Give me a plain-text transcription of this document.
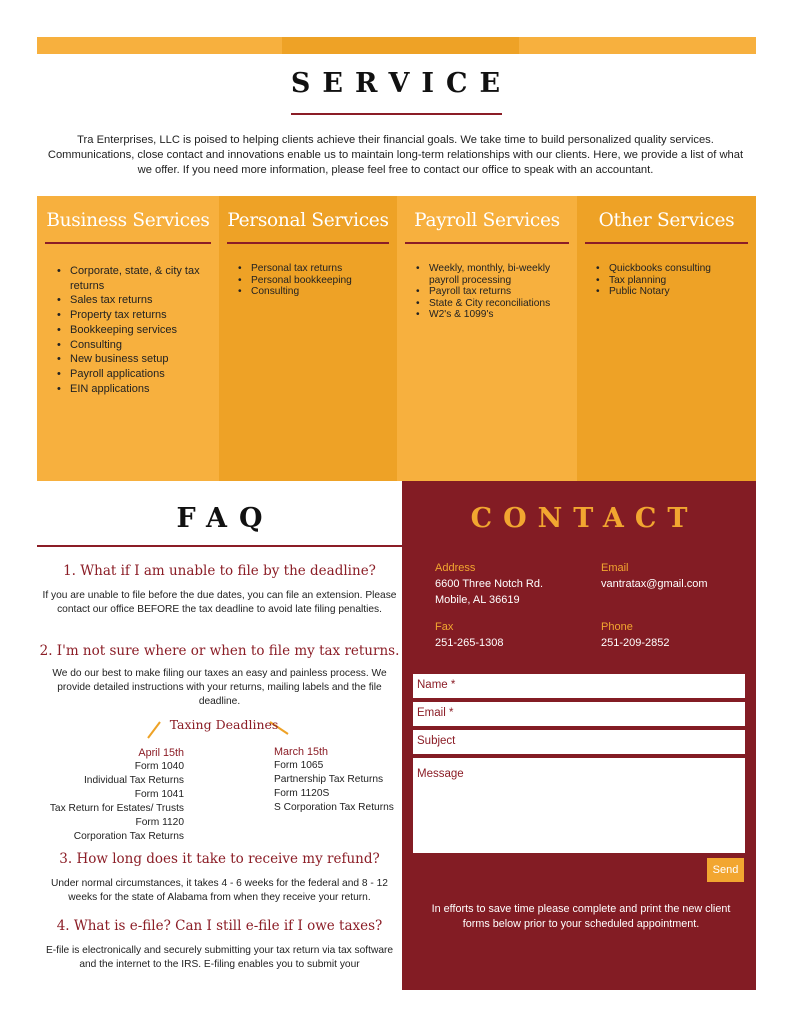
SERVICE

Tra Enterprises, LLC is poised to helping clients achieve their financial goals. We take time to build personalized quality services. Communications, close contact and innovations enable us to maintain long-term relationships with our clients. Here, we provide a list of what we offer. If you need more information, please feel free to contact our office to speak with an accountant.

Business Services
• Corporate, state, & city tax returns
• Sales tax returns
• Property tax returns
• Bookkeeping services
• Consulting
• New business setup
• Payroll applications
• EIN applications
Personal Services
• Personal tax returns
• Personal bookkeeping
• Consulting
Payroll Services
• Weekly, monthly, bi-weekly payroll processing
• Payroll tax returns
• State & City reconciliations
• W2's & 1099's
Other Services
• Quickbooks consulting
• Tax planning
• Public Notary
FAQ
1. What if I am unable to file by the deadline?
If you are unable to file before the due dates, you can file an extension. Please contact our office BEFORE the tax deadline to avoid late filing penalties.
2. I'm not sure where or when to file my tax returns.
We do our best to make filing our taxes an easy and painless process. We provide detailed instructions with your returns, mailing labels and the file deadline.
Taxing Deadlines
April 15th
Form 1040
Individual Tax Returns
Form 1041
Tax Return for Estates/ Trusts
Form 1120
Corporation Tax Returns
March 15th
Form 1065
Partnership Tax Returns
Form 1120S
S Corporation Tax Returns
3. How long does it take to receive my refund?
Under normal circumstances, it takes 4 - 6 weeks for the federal and 8 - 12 weeks for the state of Alabama from when they receive your return.
4. What is e-file? Can I still e-file if I owe taxes?
E-file is electronically and securely submitting your tax return via tax software and the internet to the IRS. E-filing enables you to submit your
CONTACT
Address
6600 Three Notch Rd.
Mobile, AL 36619
Email
vantratax@gmail.com
Fax
251-265-1308
Phone
251-209-2852
Name *
Email *
Subject
Message
Send

In efforts to save time please complete and print the new client forms below prior to your scheduled appointment.
